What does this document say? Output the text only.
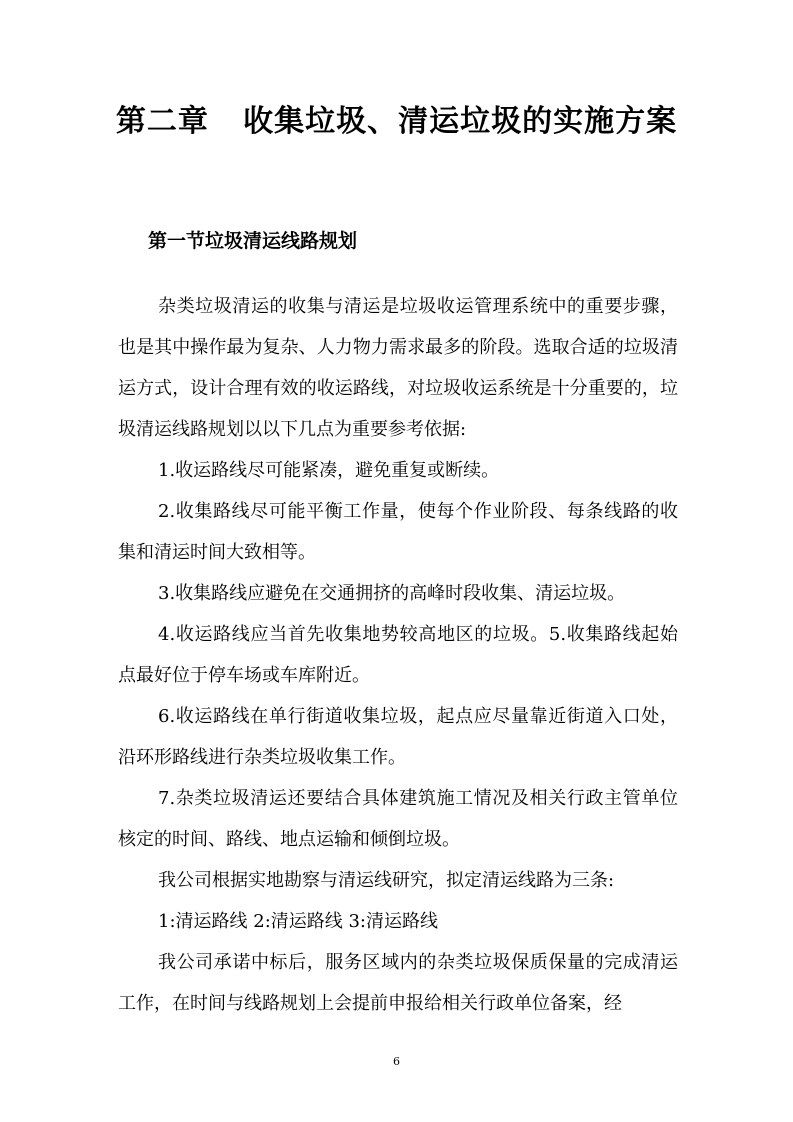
第二章   收集垃圾、清运垃圾的实施方案
第一节垃圾清运线路规划

杂类垃圾清运的收集与清运是垃圾收运管理系统中的重要步骤，也是其中操作最为复杂、人力物力需求最多的阶段。选取合适的垃圾清运方式，设计合理有效的收运路线，对垃圾收运系统是十分重要的，垃圾清运线路规划以以下几点为重要参考依据:

1.收运路线尽可能紧凑，避免重复或断续。

2.收集路线尽可能平衡工作量，使每个作业阶段、每条线路的收集和清运时间大致相等。

3.收集路线应避免在交通拥挤的高峰时段收集、清运垃圾。

4.收运路线应当首先收集地势较高地区的垃圾。5.收集路线起始点最好位于停车场或车库附近。

6.收运路线在单行街道收集垃圾，起点应尽量靠近街道入口处，沿环形路线进行杂类垃圾收集工作。

7.杂类垃圾清运还要结合具体建筑施工情况及相关行政主管单位核定的时间、路线、地点运输和倾倒垃圾。

我公司根据实地勘察与清运线研究，拟定清运线路为三条:

1:清运路线 2:清运路线 3:清运路线

我公司承诺中标后，服务区域内的杂类垃圾保质保量的完成清运工作，在时间与线路规划上会提前申报给相关行政单位备案，经

6
